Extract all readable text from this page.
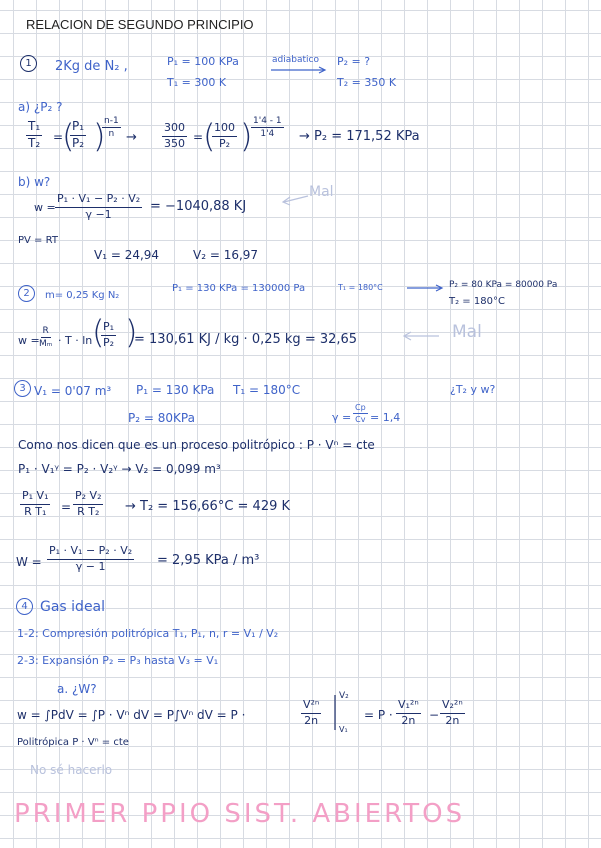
RELACION DE SEGUNDO PRINCIPIO
1	2Kg de N₂ ,	P₁ = 100 KPa
T₁ = 300 K
adiabatico P₂ = ?
T₂ = 350 K
a) ¿P₂ ?
$\frac{\text{T₁}}{\text{T₂}}$ =
(
$\frac{\text{P₁}}{\text{P₂}}$ )
$\frac{n-1}{n} \to \frac{300}{350}$ = (
$\frac{100}{\text{P₂}}$ )
$\frac{1'4 - 1}{1'4} \to P_2 = 171,52$ KPa
b) w?
$w = \frac{\text{P₁ · V₁ − P₂ · V₂}}{\gamma -1} = -1040,88$ KJ
Mal
PV = RT
V₁ = 24,94	V₂ = 16,97
2	m= 0,25 Kg N₂
P₁ = 130 KPa = 130000 Pa	T₁ = 180°C	P₂ = 80 KPa = 80000 Pa
T₂ = 180°C
$w = \frac{R}{\text{Mₘ}} \cdot T \cdot \ln$ (
$\frac{\text{P₁}}{\text{P₂}}$ )
= 130,61 KJ / kg · 0,25 kg = 32,65	Mal
3 V₁ = 0'07 m³ P₁ = 130 KPa T₁ = 180°C	¿T₂ y w?
P₂ = 80KPa	$\gamma = \frac{Cp}{Cv} = 1,4$
Como nos dicen que es un proceso politrópico : P · Vⁿ = cte
P₁ · V₁ᵞ = P₂ · V₂ᵞ → V₂ = 0,099 m³
$\frac{\text{P₁ V₁}}{\text{R T₁}} = \frac{\text{P₂ V₂}}{\text{R T₂}} \to T_2 = 156,66^\circ C = 429$ K
$W = \frac{\text{P₁ · V₁ − P₂ · V₂}}{\gamma - 1} = 2,95$ KPa / m³
4 Gas ideal
1-2: Compresión politrópica T₁, P₁, n, r = V₁ / V₂
2-3: Expansión P₂ = P₃ hasta V₃ = V₁
a. ¿W?
w = ∫PdV = ∫P · Vⁿ dV = P∫Vⁿ dV = P ·	$\frac{\text{V²ⁿ}}{2n}$
V₂
V₁
= $P \cdot \frac{\text{V₁²ⁿ}}{2n} - \frac{\text{V₂²ⁿ}}{2n}$
Politrópica P · Vⁿ = cte
No sé hacerlo
PRIMER PPIO SIST. ABIERTOS
